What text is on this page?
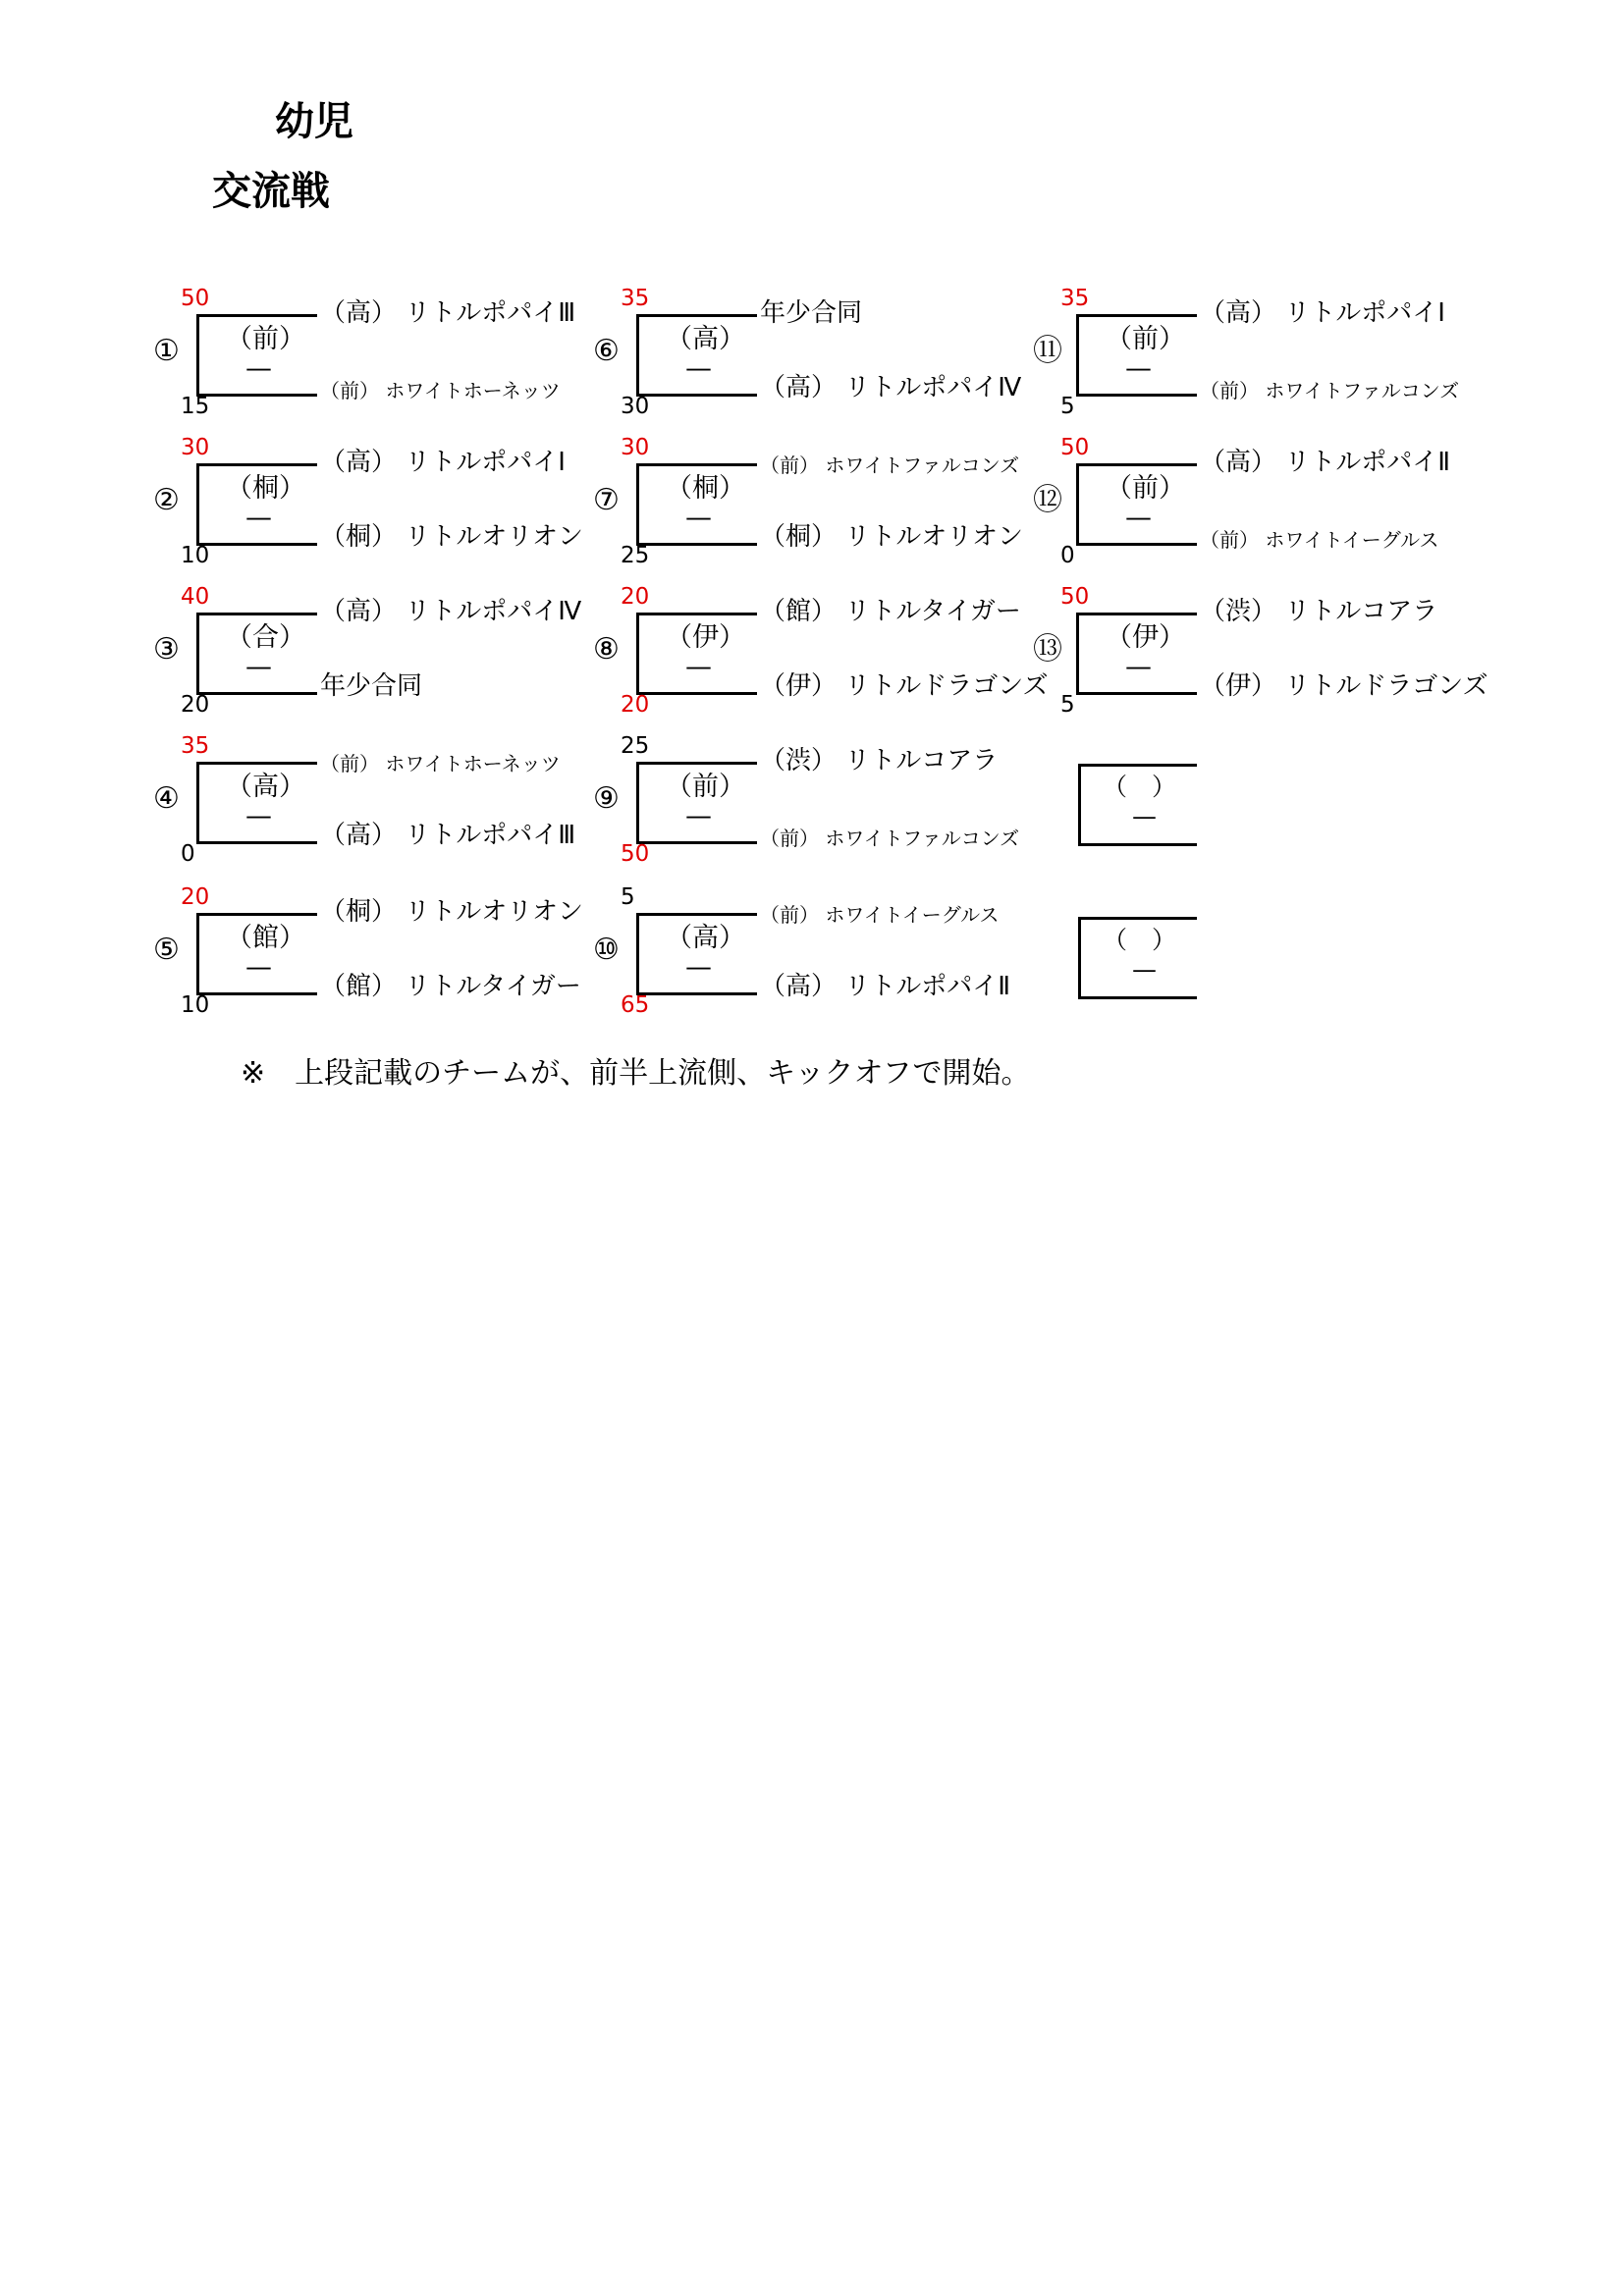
幼児
交流戦
50
15
① （前）
—
（高） リトルポパイⅢ
（前） ホワイトホーネッツ
30
10
② （桐）
—
（高） リトルポパイⅠ
（桐） リトルオリオン
40
20
③ （合）
—
（高） リトルポパイⅣ
年少合同
35
0
④ （高）
—
（前） ホワイトホーネッツ
（高） リトルポパイⅢ
20
10
⑤ （館）
—
（桐） リトルオリオン
（館） リトルタイガー
35
30
⑥ （高）
—
年少合同
（高） リトルポパイⅣ
30
25
⑦ （桐）
—
（前） ホワイトファルコンズ
（桐） リトルオリオン
20
20
⑧ （伊）
—
（館） リトルタイガー
（伊） リトルドラゴンズ
25
50
⑨ （前）
—
（渋） リトルコアラ
（前） ホワイトファルコンズ
5
65
⑩ （高）
—
（前） ホワイトイーグルス
（高） リトルポパイⅡ
35
5
⑪ （前）
—
（高） リトルポパイⅠ
（前） ホワイトファルコンズ
50
0
⑫ （前）
—
（高） リトルポパイⅡ
（前） ホワイトイーグルス
50
5
⑬ （伊）
—
（渋） リトルコアラ
（伊） リトルドラゴンズ
（　）
—
（　）
—
※　上段記載のチームが、前半上流側、キックオフで開始。
